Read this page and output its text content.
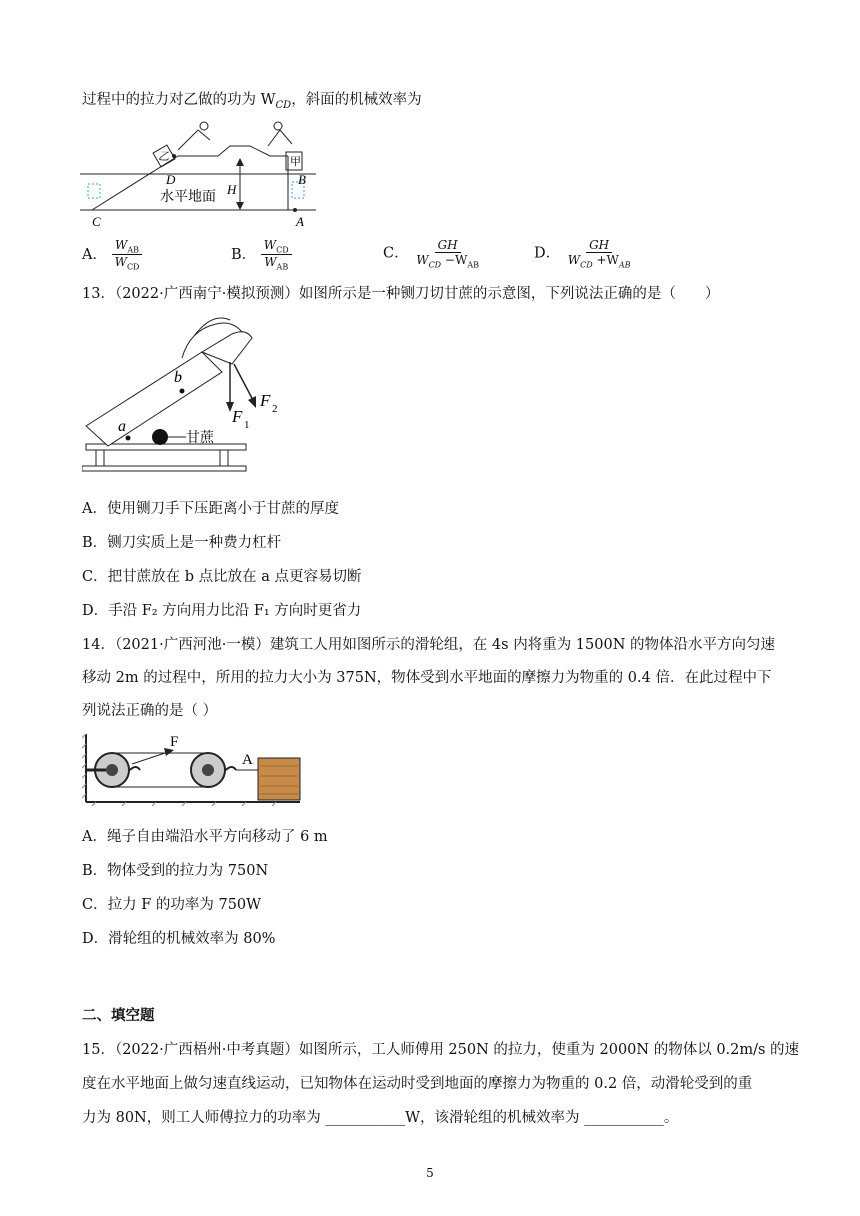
过程中的拉力对乙做的功为 $W_{CD}$，斜面的机械效率为
乙	甲
D	B
H
水平地面
C	A
A． $\frac{W_{AB}}{W_{CD}}$	B． $\frac{W_{CD}}{W_{AB}}$	C． $\frac{GH}{W_{CD} -W_{AB}}$	D． $\frac{GH}{W_{CD} +W_{AB}}$
13．（2022·广西南宁·模拟预测）如图所示是一种铡刀切甘蔗的示意图，下列说法正确的是（　　）
a
b
F 1
F 2
甘蔗
A．使用铡刀手下压距离小于甘蔗的厚度
B．铡刀实质上是一种费力杠杆
C．把甘蔗放在 b 点比放在 a 点更容易切断
D．手沿 F₂ 方向用力比沿 F₁ 方向时更省力
14．（2021·广西河池·一模）建筑工人用如图所示的滑轮组，在 4s 内将重为 1500N 的物体沿水平方向匀速
移动 2m 的过程中，所用的拉力大小为 375N，物体受到水平地面的摩擦力为物重的 0.4 倍．在此过程中下
列说法正确的是（ ）
F
A
A．绳子自由端沿水平方向移动了 6 m
B．物体受到的拉力为 750N
C．拉力 F 的功率为 750W
D．滑轮组的机械效率为 80%
二、填空题
15．（2022·广西梧州·中考真题）如图所示，工人师傅用 250N 的拉力，使重为 2000N 的物体以 0.2m/s 的速
度在水平地面上做匀速直线运动，已知物体在运动时受到地面的摩擦力为物重的 0.2 倍，动滑轮受到的重
力为 80N，则工人师傅拉力的功率为 ___________W，该滑轮组的机械效率为 ___________。
5
